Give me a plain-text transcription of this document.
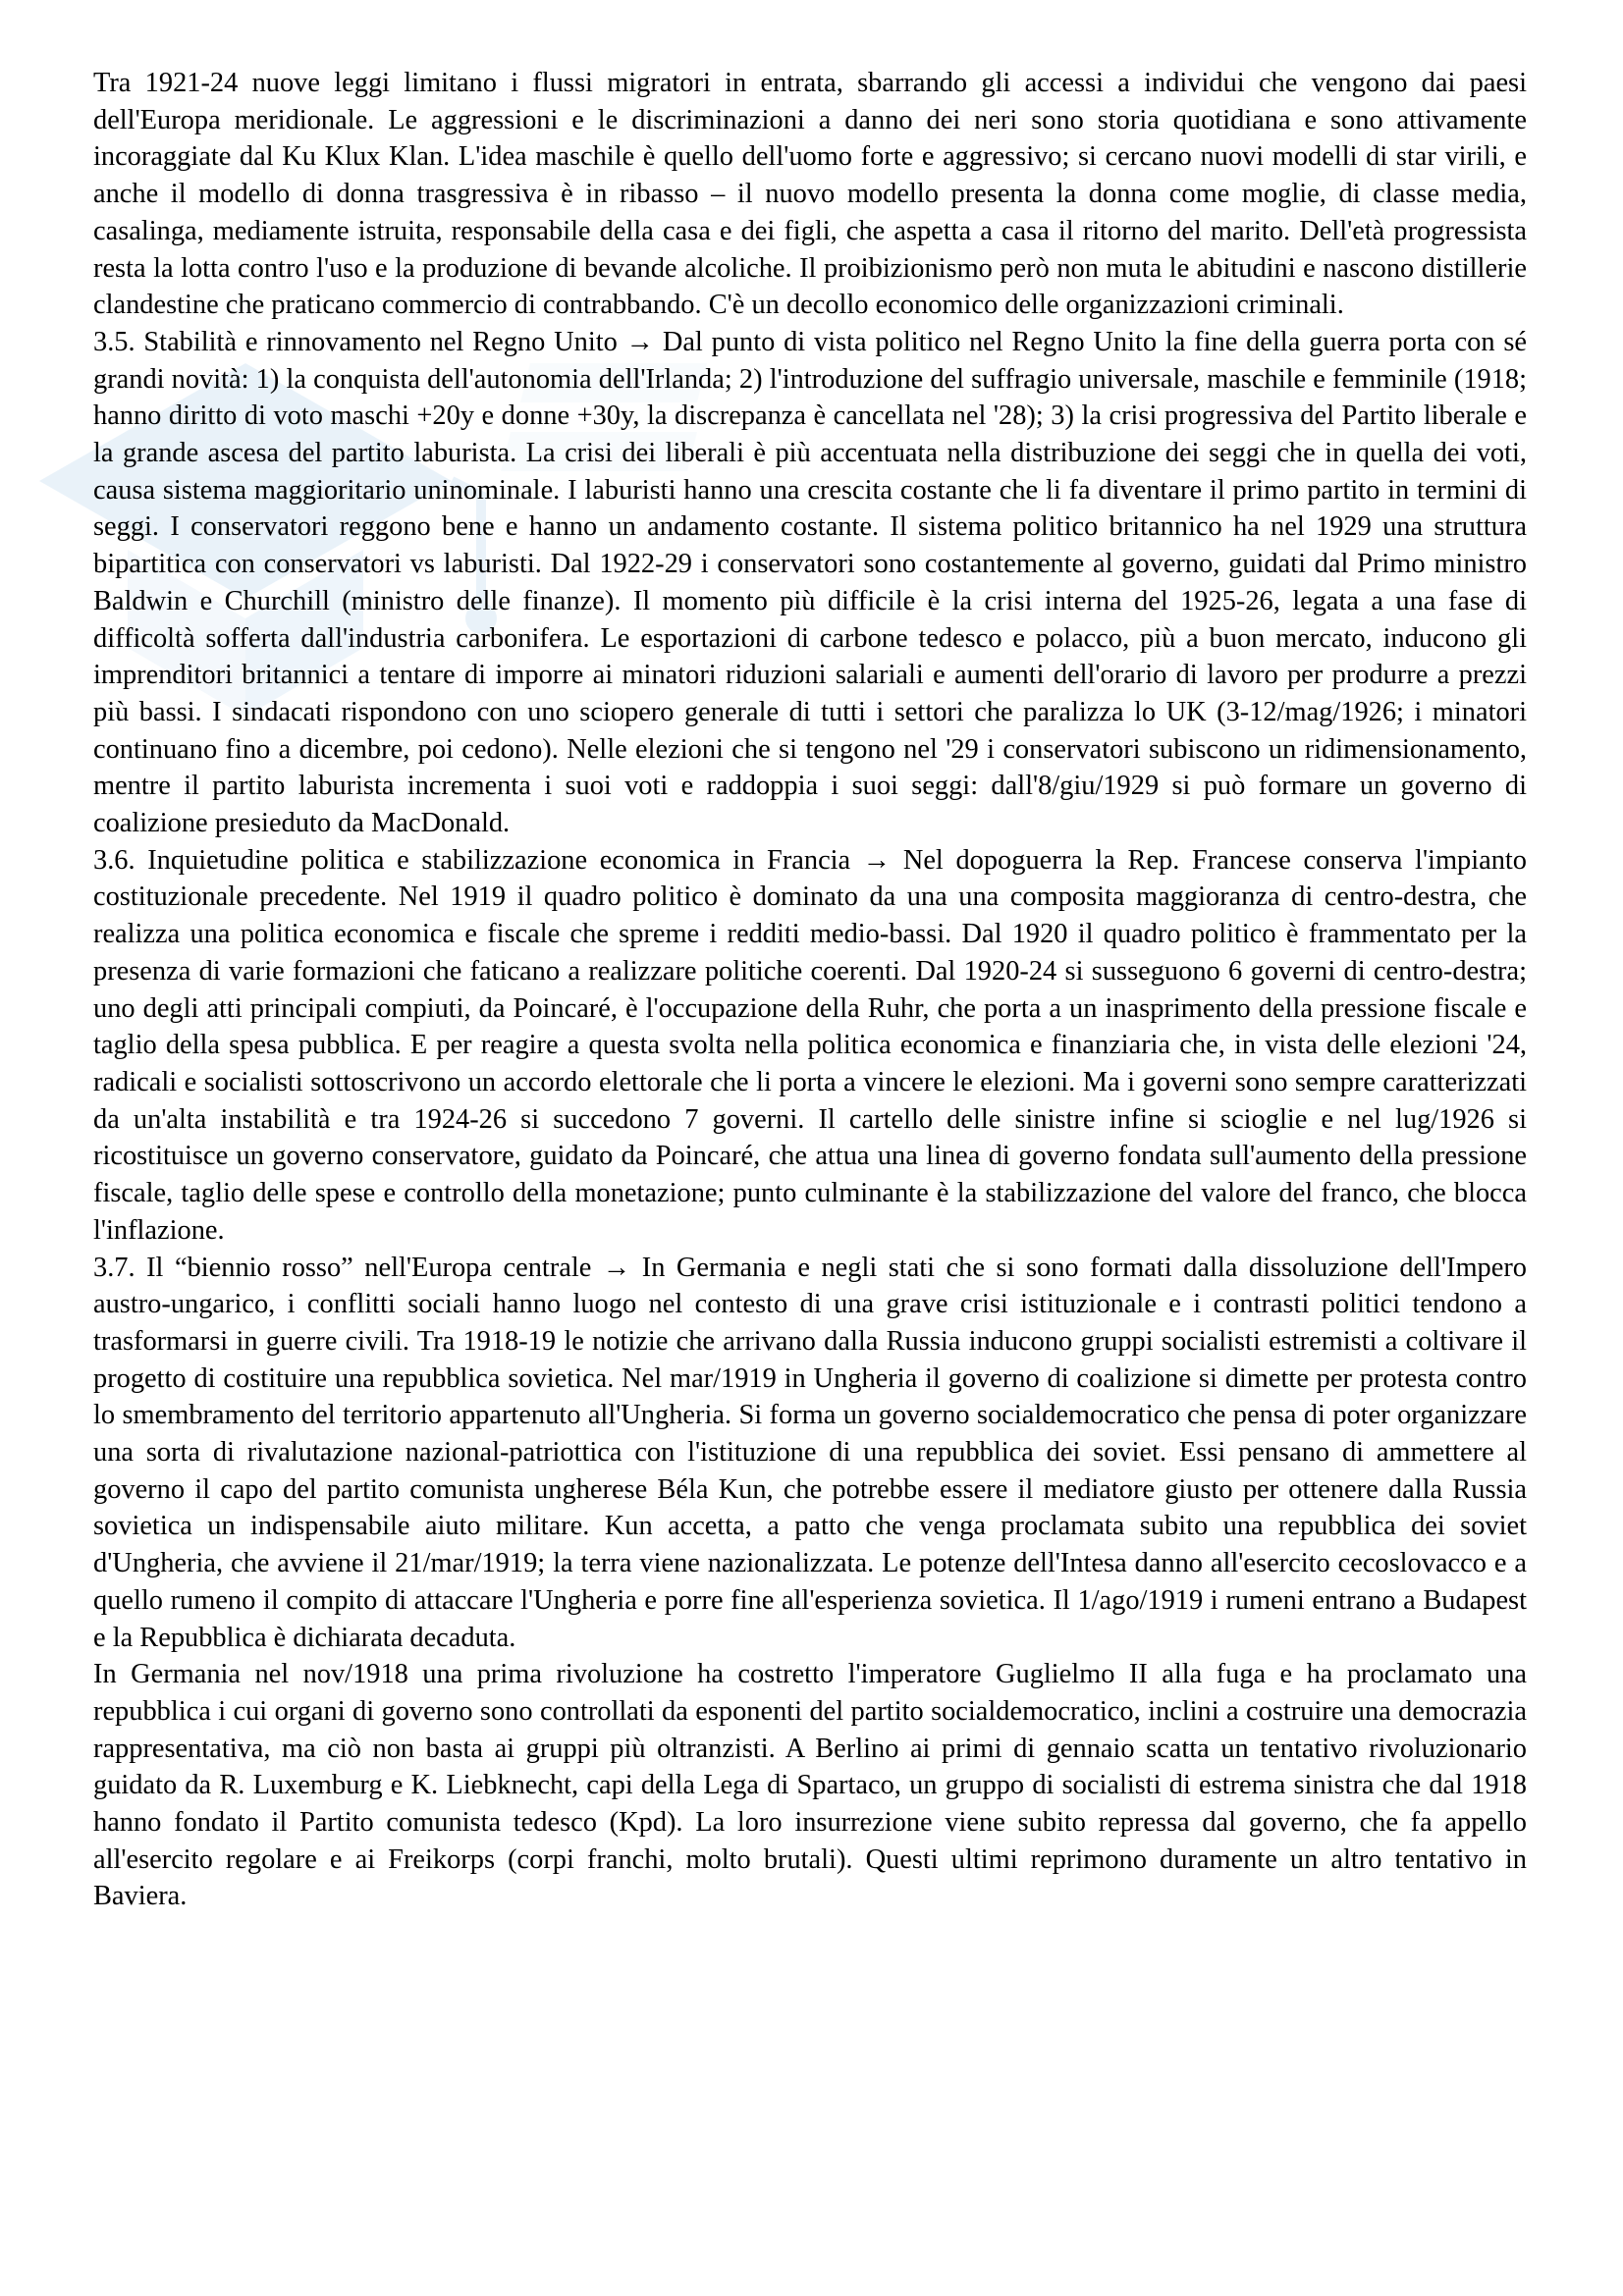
Tra 1921-24 nuove leggi limitano i flussi migratori in entrata, sbarrando gli accessi a individui che vengono dai paesi dell'Europa meridionale. Le aggressioni e le discriminazioni a danno dei neri sono storia quotidiana e sono attivamente incoraggiate dal Ku Klux Klan. L'idea maschile è quello dell'uomo forte e aggressivo; si cercano nuovi modelli di star virili, e anche il modello di donna trasgressiva è in ribasso – il nuovo modello presenta la donna come moglie, di classe media, casalinga, mediamente istruita, responsabile della casa e dei figli, che aspetta a casa il ritorno del marito. Dell'età progressista resta la lotta contro l'uso e la produzione di bevande alcoliche. Il proibizionismo però non muta le abitudini e nascono distillerie clandestine che praticano commercio di contrabbando. C'è un decollo economico delle organizzazioni criminali.

3.5. Stabilità e rinnovamento nel Regno Unito → Dal punto di vista politico nel Regno Unito la fine della guerra porta con sé grandi novità: 1) la conquista dell'autonomia dell'Irlanda; 2) l'introduzione del suffragio universale, maschile e femminile (1918; hanno diritto di voto maschi +20y e donne +30y, la discrepanza è cancellata nel '28); 3) la crisi progressiva del Partito liberale e la grande ascesa del partito laburista. La crisi dei liberali è più accentuata nella distribuzione dei seggi che in quella dei voti, causa sistema maggioritario uninominale. I laburisti hanno una crescita costante che li fa diventare il primo partito in termini di seggi. I conservatori reggono bene e hanno un andamento costante. Il sistema politico britannico ha nel 1929 una struttura bipartitica con conservatori vs laburisti. Dal 1922-29 i conservatori sono costantemente al governo, guidati dal Primo ministro Baldwin e Churchill (ministro delle finanze). Il momento più difficile è la crisi interna del 1925-26, legata a una fase di difficoltà sofferta dall'industria carbonifera. Le esportazioni di carbone tedesco e polacco, più a buon mercato, inducono gli imprenditori britannici a tentare di imporre ai minatori riduzioni salariali e aumenti dell'orario di lavoro per produrre a prezzi più bassi. I sindacati rispondono con uno sciopero generale di tutti i settori che paralizza lo UK (3-12/mag/1926; i minatori continuano fino a dicembre, poi cedono). Nelle elezioni che si tengono nel '29 i conservatori subiscono un ridimensionamento, mentre il partito laburista incrementa i suoi voti e raddoppia i suoi seggi: dall'8/giu/1929 si può formare un governo di coalizione presieduto da MacDonald.

3.6. Inquietudine politica e stabilizzazione economica in Francia → Nel dopoguerra la Rep. Francese conserva l'impianto costituzionale precedente. Nel 1919 il quadro politico è dominato da una una composita maggioranza di centro-destra, che realizza una politica economica e fiscale che spreme i redditi medio-bassi. Dal 1920 il quadro politico è frammentato per la presenza di varie formazioni che faticano a realizzare politiche coerenti. Dal 1920-24 si susseguono 6 governi di centro-destra; uno degli atti principali compiuti, da Poincaré, è l'occupazione della Ruhr, che porta a un inasprimento della pressione fiscale e taglio della spesa pubblica. E per reagire a questa svolta nella politica economica e finanziaria che, in vista delle elezioni '24, radicali e socialisti sottoscrivono un accordo elettorale che li porta a vincere le elezioni. Ma i governi sono sempre caratterizzati da un'alta instabilità e tra 1924-26 si succedono 7 governi. Il cartello delle sinistre infine si scioglie e nel lug/1926 si ricostituisce un governo conservatore, guidato da Poincaré, che attua una linea di governo fondata sull'aumento della pressione fiscale, taglio delle spese e controllo della monetazione; punto culminante è la stabilizzazione del valore del franco, che blocca l'inflazione.

3.7. Il “biennio rosso” nell'Europa centrale → In Germania e negli stati che si sono formati dalla dissoluzione dell'Impero austro-ungarico, i conflitti sociali hanno luogo nel contesto di una grave crisi istituzionale e i contrasti politici tendono a trasformarsi in guerre civili. Tra 1918-19 le notizie che arrivano dalla Russia inducono gruppi socialisti estremisti a coltivare il progetto di costituire una repubblica sovietica. Nel mar/1919 in Ungheria il governo di coalizione si dimette per protesta contro lo smembramento del territorio appartenuto all'Ungheria. Si forma un governo socialdemocratico che pensa di poter organizzare una sorta di rivalutazione nazional-patriottica con l'istituzione di una repubblica dei soviet. Essi pensano di ammettere al governo il capo del partito comunista ungherese Béla Kun, che potrebbe essere il mediatore giusto per ottenere dalla Russia sovietica un indispensabile aiuto militare. Kun accetta, a patto che venga proclamata subito una repubblica dei soviet d'Ungheria, che avviene il 21/mar/1919; la terra viene nazionalizzata. Le potenze dell'Intesa danno all'esercito cecoslovacco e a quello rumeno il compito di attaccare l'Ungheria e porre fine all'esperienza sovietica. Il 1/ago/1919 i rumeni entrano a Budapest e la Repubblica è dichiarata decaduta.

In Germania nel nov/1918 una prima rivoluzione ha costretto l'imperatore Guglielmo II alla fuga e ha proclamato una repubblica i cui organi di governo sono controllati da esponenti del partito socialdemocratico, inclini a costruire una democrazia rappresentativa, ma ciò non basta ai gruppi più oltranzisti. A Berlino ai primi di gennaio scatta un tentativo rivoluzionario guidato da R. Luxemburg e K. Liebknecht, capi della Lega di Spartaco, un gruppo di socialisti di estrema sinistra che dal 1918 hanno fondato il Partito comunista tedesco (Kpd). La loro insurrezione viene subito repressa dal governo, che fa appello all'esercito regolare e ai Freikorps (corpi franchi, molto brutali). Questi ultimi reprimono duramente un altro tentativo in Baviera.
